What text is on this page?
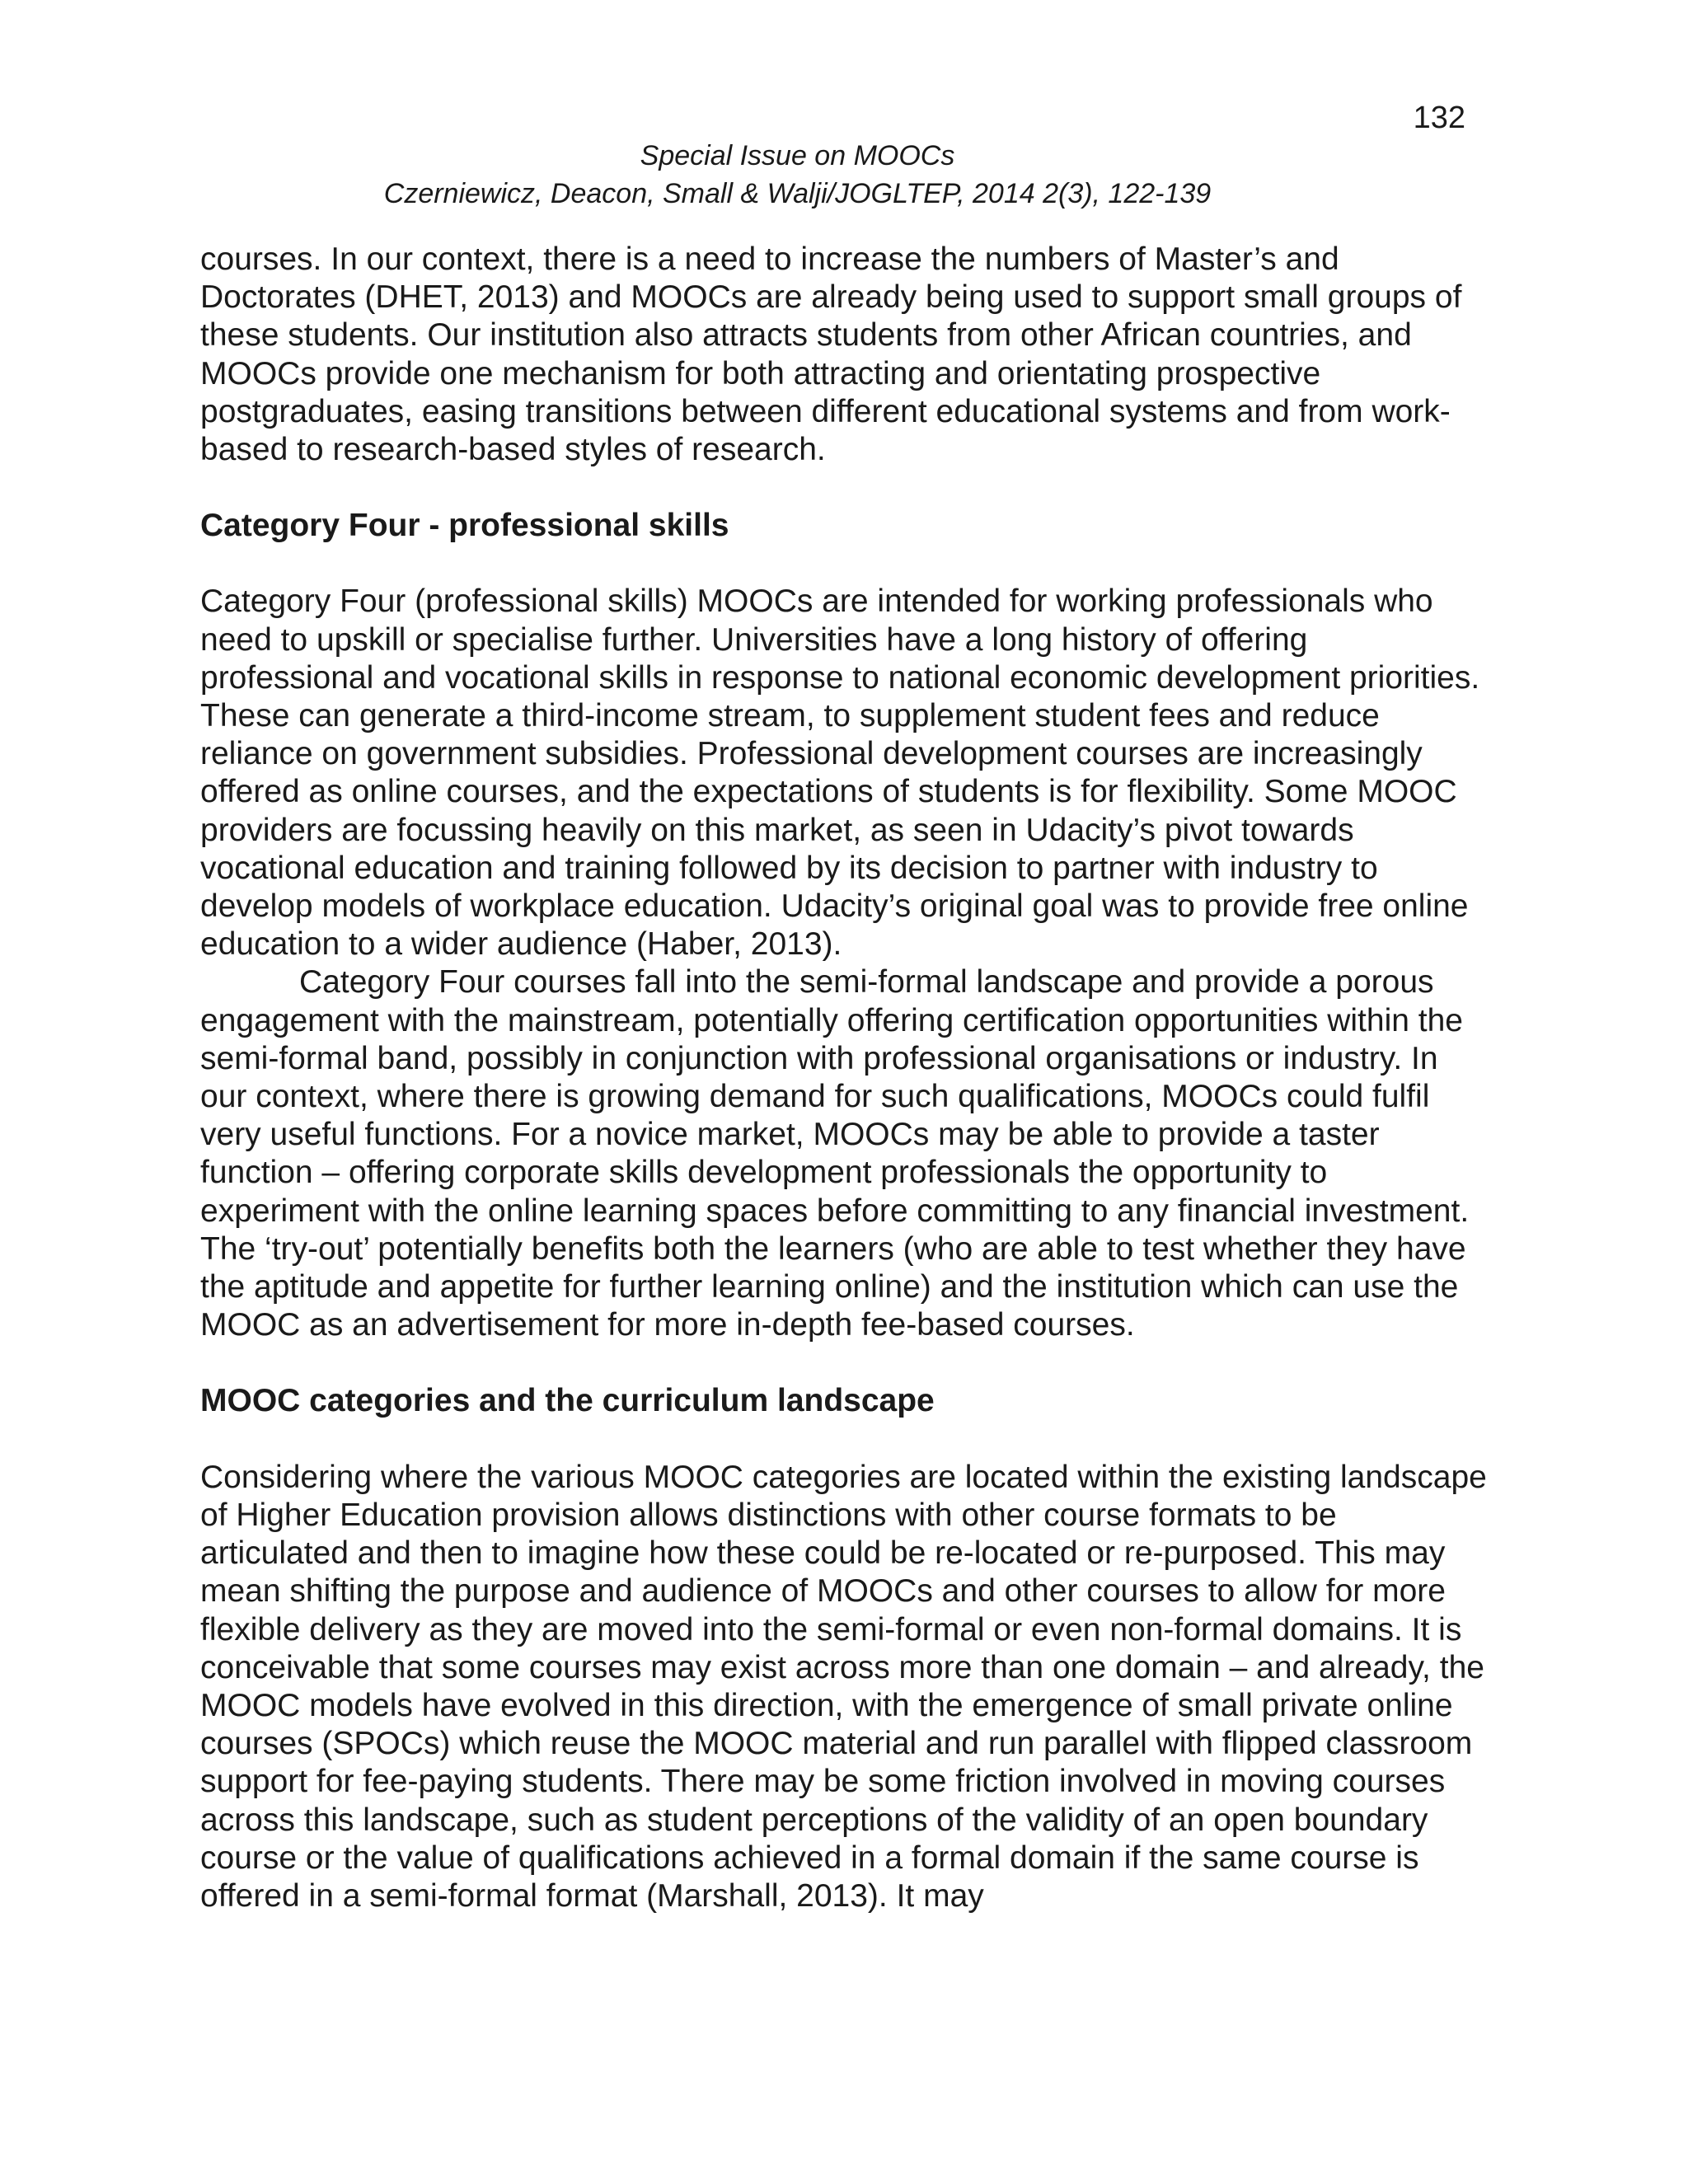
132
Special Issue on MOOCs
Czerniewicz, Deacon, Small & Walji/JOGLTEP, 2014 2(3), 122-139

courses. In our context, there is a need to increase the numbers of Master’s and Doctorates (DHET, 2013) and MOOCs are already being used to support small groups of these students. Our institution also attracts students from other African countries, and MOOCs provide one mechanism for both attracting and orientating prospective postgraduates, easing transitions between different educational systems and from work-based to research-based styles of research.

Category Four - professional skills

Category Four (professional skills) MOOCs are intended for working professionals who need to upskill or specialise further. Universities have a long history of offering professional and vocational skills in response to national economic development priorities. These can generate a third-income stream, to supplement student fees and reduce reliance on government subsidies. Professional development courses are increasingly offered as online courses, and the expectations of students is for flexibility. Some MOOC providers are focussing heavily on this market, as seen in Udacity’s pivot towards vocational education and training followed by its decision to partner with industry to develop models of workplace education. Udacity’s original goal was to provide free online education to a wider audience (Haber, 2013).

Category Four courses fall into the semi-formal landscape and provide a porous engagement with the mainstream, potentially offering certification opportunities within the semi-formal band, possibly in conjunction with professional organisations or industry. In our context, where there is growing demand for such qualifications, MOOCs could fulfil very useful functions. For a novice market, MOOCs may be able to provide a taster function – offering corporate skills development professionals the opportunity to experiment with the online learning spaces before committing to any financial investment. The ‘try-out’ potentially benefits both the learners (who are able to test whether they have the aptitude and appetite for further learning online) and the institution which can use the MOOC as an advertisement for more in-depth fee-based courses.

MOOC categories and the curriculum landscape

Considering where the various MOOC categories are located within the existing landscape of Higher Education provision allows distinctions with other course formats to be articulated and then to imagine how these could be re-located or re-purposed. This may mean shifting the purpose and audience of MOOCs and other courses to allow for more flexible delivery as they are moved into the semi-formal or even non-formal domains. It is conceivable that some courses may exist across more than one domain – and already, the MOOC models have evolved in this direction, with the emergence of small private online courses (SPOCs) which reuse the MOOC material and run parallel with flipped classroom support for fee-paying students. There may be some friction involved in moving courses across this landscape, such as student perceptions of the validity of an open boundary course or the value of qualifications achieved in a formal domain if the same course is offered in a semi-formal format (Marshall, 2013). It may
